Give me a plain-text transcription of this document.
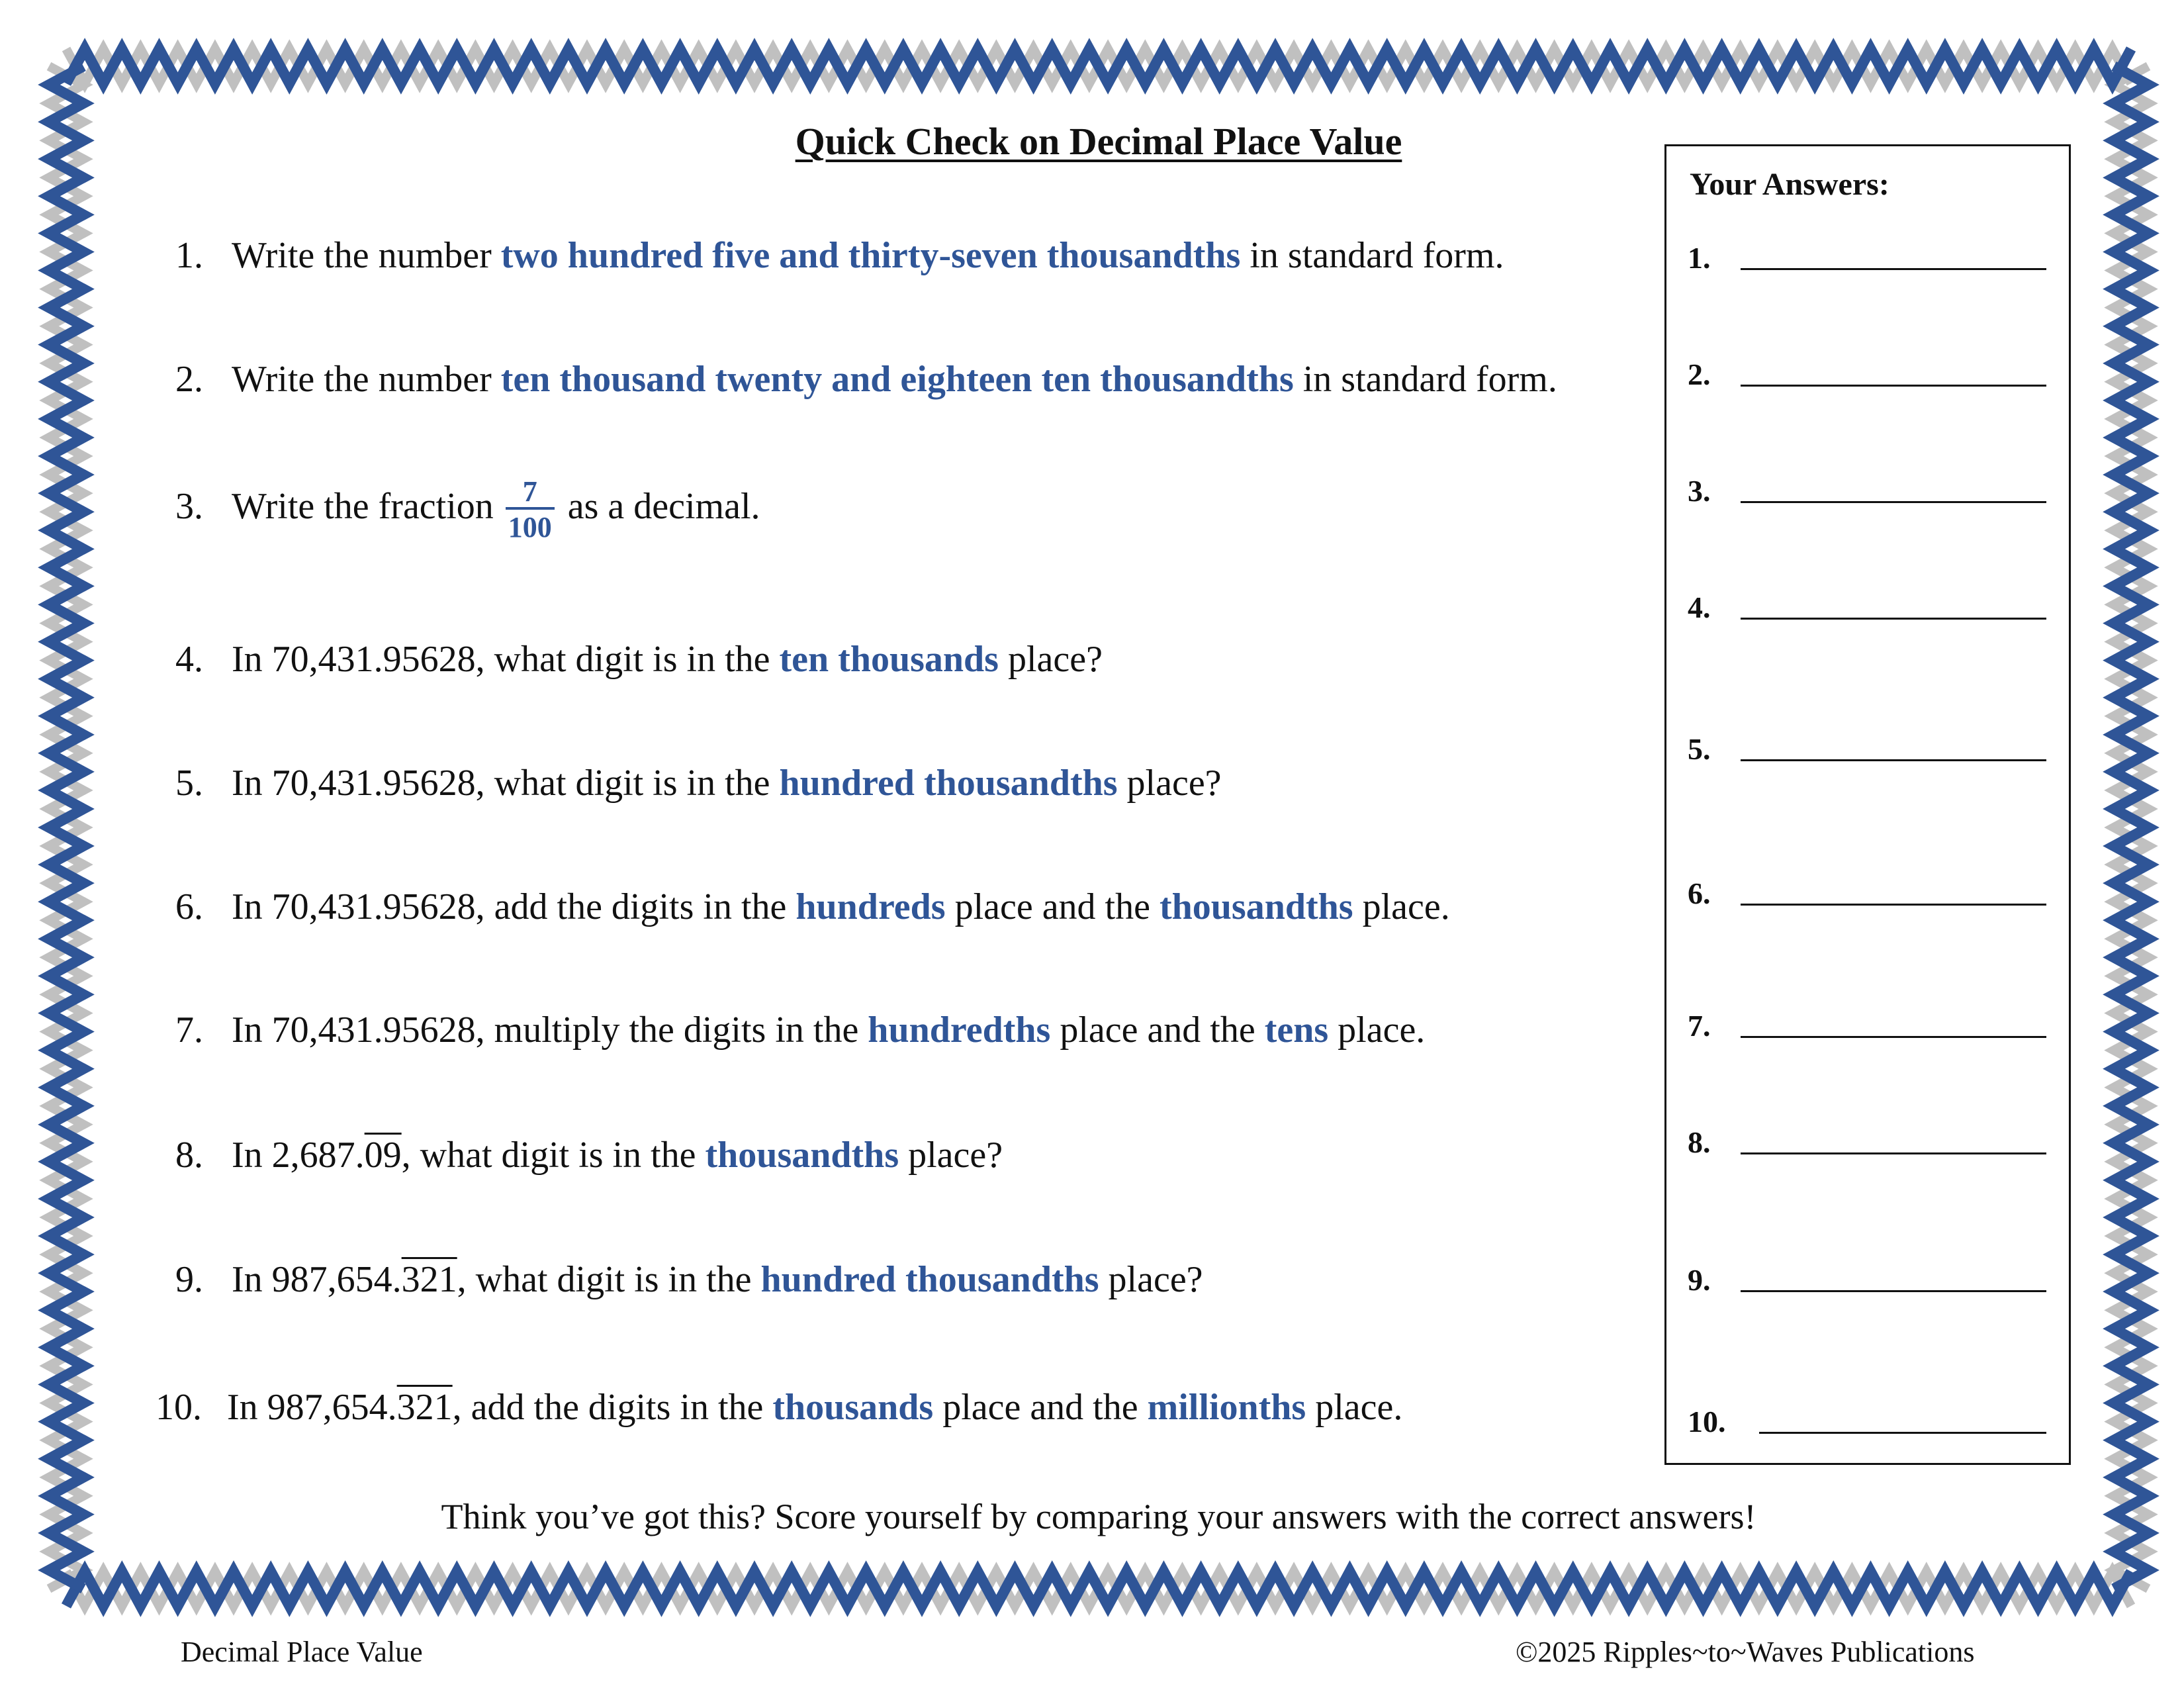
Quick Check on Decimal Place Value
1. Write the number two hundred five and thirty-seven thousandths in standard form.
2. Write the number ten thousand twenty and eighteen ten thousandths in standard form.
3. Write the fraction $\frac{7}{100}$ as a decimal.
4. In 70,431.95628, what digit is in the ten thousands place?
5. In 70,431.95628, what digit is in the hundred thousandths place?
6. In 70,431.95628, add the digits in the hundreds place and the thousandths place.
7. In 70,431.95628, multiply the digits in the hundredths place and the tens place.
8. In 2,687.09, what digit is in the thousandths place?
9. In 987,654.321, what digit is in the hundred thousandths place?
10. In 987,654.321, add the digits in the thousands place and the millionths place.
Your Answers:
1.
2.
3.
4.
5.
6.
7.
8.
9.
10.
Think you’ve got this? Score yourself by comparing your answers with the correct answers!
Decimal Place Value	©2025 Ripples~to~Waves Publications
